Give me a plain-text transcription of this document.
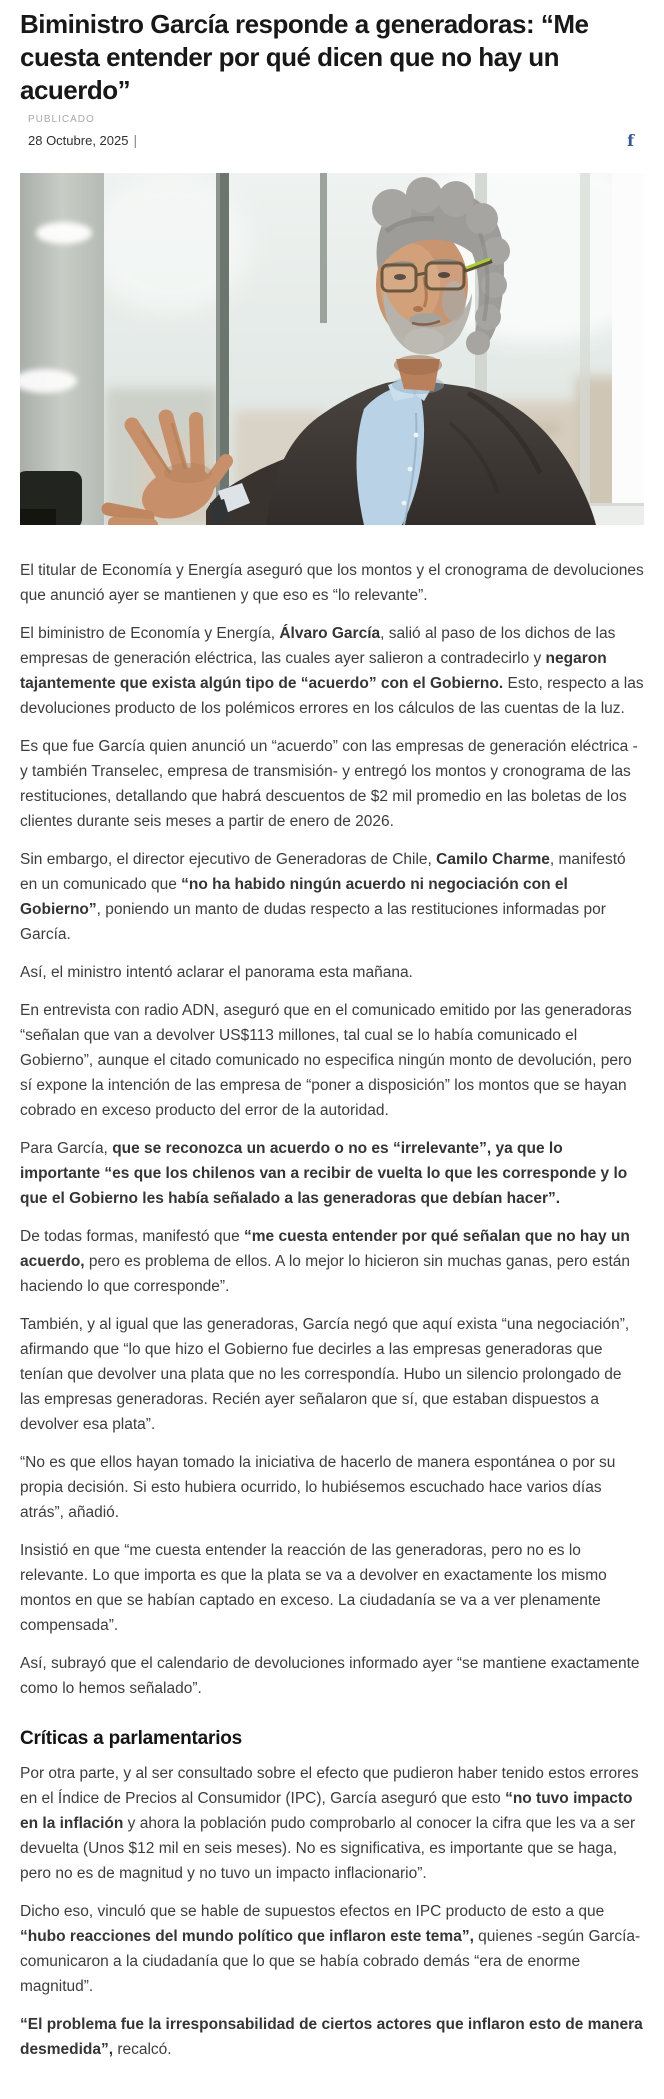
Biministro García responde a generadoras: “Me cuesta entender por qué dicen que no hay un acuerdo”
PUBLICADO
28 Octubre, 2025 |	f

El titular de Economía y Energía aseguró que los montos y el cronograma de devoluciones que anunció ayer se mantienen y que eso es “lo relevante”.

El biministro de Economía y Energía, Álvaro García, salió al paso de los dichos de las empresas de generación eléctrica, las cuales ayer salieron a contradecirlo y negaron tajantemente que exista algún tipo de “acuerdo” con el Gobierno. Esto, respecto a las devoluciones producto de los polémicos errores en los cálculos de las cuentas de la luz.

Es que fue García quien anunció un “acuerdo” con las empresas de generación eléctrica -y también Transelec, empresa de transmisión- y entregó los montos y cronograma de las restituciones, detallando que habrá descuentos de $2 mil promedio en las boletas de los clientes durante seis meses a partir de enero de 2026.

Sin embargo, el director ejecutivo de Generadoras de Chile, Camilo Charme, manifestó en un comunicado que “no ha habido ningún acuerdo ni negociación con el Gobierno”, poniendo un manto de dudas respecto a las restituciones informadas por García.

Así, el ministro intentó aclarar el panorama esta mañana.

En entrevista con radio ADN, aseguró que en el comunicado emitido por las generadoras “señalan que van a devolver US$113 millones, tal cual se lo había comunicado el Gobierno”, aunque el citado comunicado no especifica ningún monto de devolución, pero sí expone la intención de las empresa de “poner a disposición” los montos que se hayan cobrado en exceso producto del error de la autoridad.

Para García, que se reconozca un acuerdo o no es “irrelevante”, ya que lo importante “es que los chilenos van a recibir de vuelta lo que les corresponde y lo que el Gobierno les había señalado a las generadoras que debían hacer”.

De todas formas, manifestó que “me cuesta entender por qué señalan que no hay un acuerdo, pero es problema de ellos. A lo mejor lo hicieron sin muchas ganas, pero están haciendo lo que corresponde”.

También, y al igual que las generadoras, García negó que aquí exista “una negociación”, afirmando que “lo que hizo el Gobierno fue decirles a las empresas generadoras que tenían que devolver una plata que no les correspondía. Hubo un silencio prolongado de las empresas generadoras. Recién ayer señalaron que sí, que estaban dispuestos a devolver esa plata”.

“No es que ellos hayan tomado la iniciativa de hacerlo de manera espontánea o por su propia decisión. Si esto hubiera ocurrido, lo hubiésemos escuchado hace varios días atrás”, añadió.

Insistió en que “me cuesta entender la reacción de las generadoras, pero no es lo relevante. Lo que importa es que la plata se va a devolver en exactamente los mismo montos en que se habían captado en exceso. La ciudadanía se va a ver plenamente compensada”.

Así, subrayó que el calendario de devoluciones informado ayer “se mantiene exactamente como lo hemos señalado”.

Críticas a parlamentarios

Por otra parte, y al ser consultado sobre el efecto que pudieron haber tenido estos errores en el Índice de Precios al Consumidor (IPC), García aseguró que esto “no tuvo impacto en la inflación y ahora la población pudo comprobarlo al conocer la cifra que les va a ser devuelta (Unos $12 mil en seis meses). No es significativa, es importante que se haga, pero no es de magnitud y no tuvo un impacto inflacionario”.

Dicho eso, vinculó que se hable de supuestos efectos en IPC producto de esto a que “hubo reacciones del mundo político que inflaron este tema”, quienes -según García- comunicaron a la ciudadanía que lo que se había cobrado demás “era de enorme magnitud”.

“El problema fue la irresponsabilidad de ciertos actores que inflaron esto de manera desmedida”, recalcó.
